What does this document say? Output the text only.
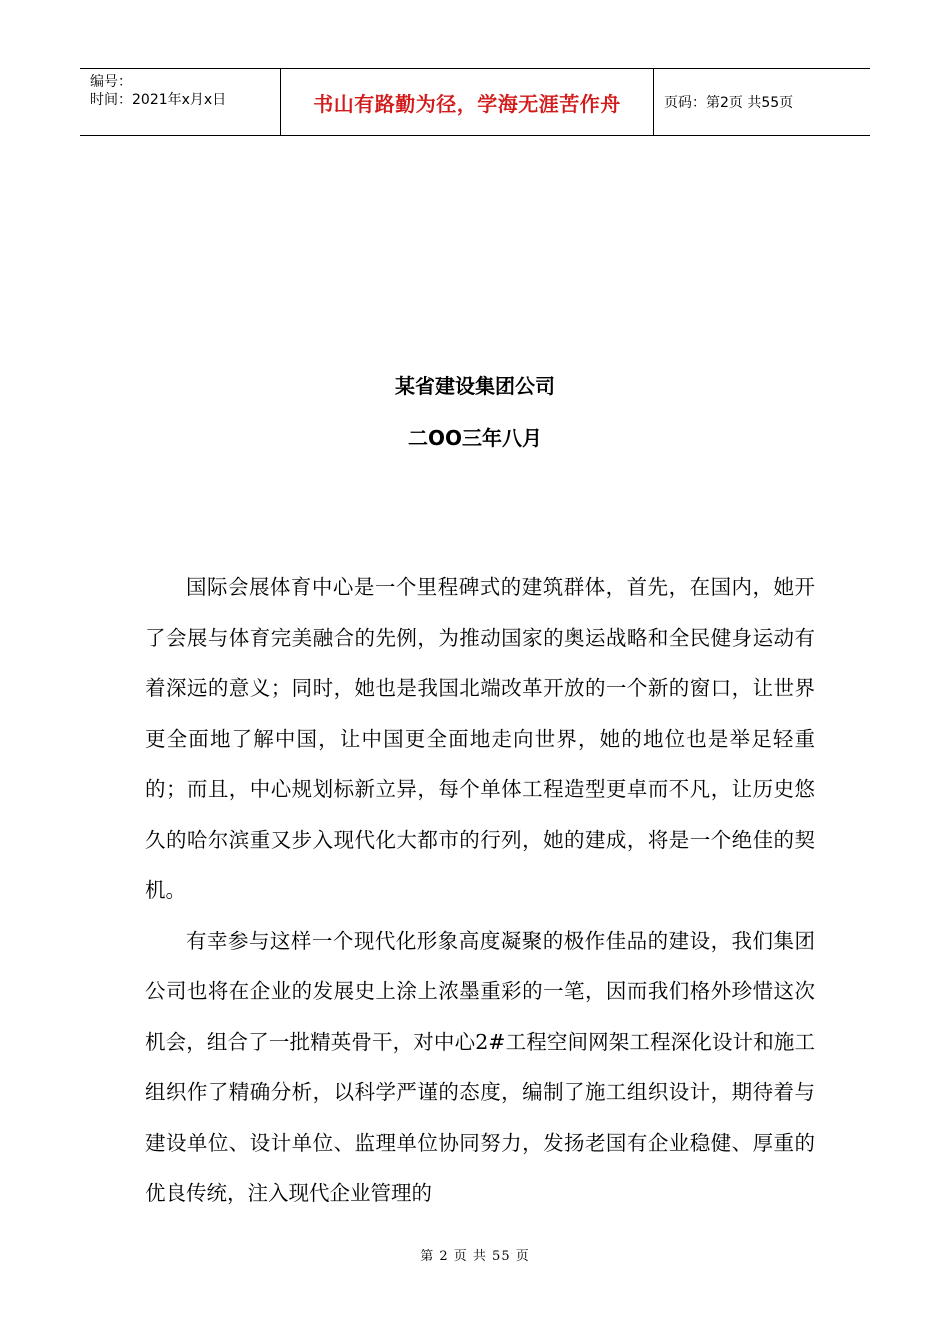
编号：
时间：2021年x月x日	书山有路勤为径，学海无涯苦作舟	页码：第2页 共55页
某省建设集团公司
二OO三年八月

国际会展体育中心是一个里程碑式的建筑群体，首先，在国内，她开了会展与体育完美融合的先例，为推动国家的奥运战略和全民健身运动有着深远的意义；同时，她也是我国北端改革开放的一个新的窗口，让世界更全面地了解中国，让中国更全面地走向世界，她的地位也是举足轻重的；而且，中心规划标新立异，每个单体工程造型更卓而不凡，让历史悠久的哈尔滨重又步入现代化大都市的行列，她的建成，将是一个绝佳的契机。

有幸参与这样一个现代化形象高度凝聚的极作佳品的建设，我们集团公司也将在企业的发展史上涂上浓墨重彩的一笔，因而我们格外珍惜这次机会，组合了一批精英骨干，对中心2#工程空间网架工程深化设计和施工组织作了精确分析，以科学严谨的态度，编制了施工组织设计，期待着与建设单位、设计单位、监理单位协同努力，发扬老国有企业稳健、厚重的优良传统，注入现代企业管理的

第 2 页 共 55 页
